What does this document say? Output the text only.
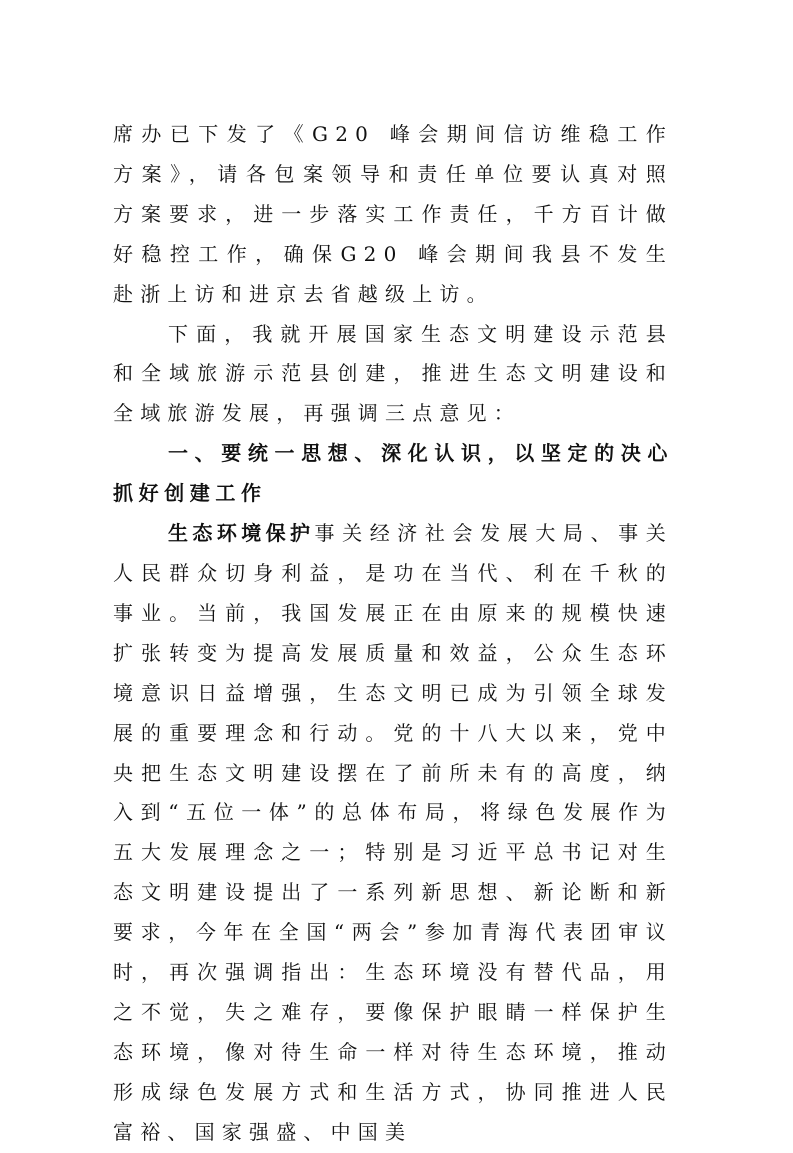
席办已下发了《G20 峰会期间信访维稳工作方案》，请各包案领导和责任单位要认真对照方案要求，进一步落实工作责任，千方百计做好稳控工作，确保G20 峰会期间我县不发生赴浙上访和进京去省越级上访。

下面，我就开展国家生态文明建设示范县和全域旅游示范县创建，推进生态文明建设和全域旅游发展，再强调三点意见：

一、要统一思想、深化认识，以坚定的决心抓好创建工作

生态环境保护事关经济社会发展大局、事关人民群众切身利益，是功在当代、利在千秋的事业。当前，我国发展正在由原来的规模快速扩张转变为提高发展质量和效益，公众生态环境意识日益增强，生态文明已成为引领全球发展的重要理念和行动。党的十八大以来，党中央把生态文明建设摆在了前所未有的高度，纳入到“五位一体”的总体布局，将绿色发展作为五大发展理念之一；特别是习近平总书记对生态文明建设提出了一系列新思想、新论断和新要求，今年在全国“两会”参加青海代表团审议时，再次强调指出：生态环境没有替代品，用之不觉，失之难存，要像保护眼睛一样保护生态环境，像对待生命一样对待生态环境，推动形成绿色发展方式和生活方式，协同推进人民富裕、国家强盛、中国美
